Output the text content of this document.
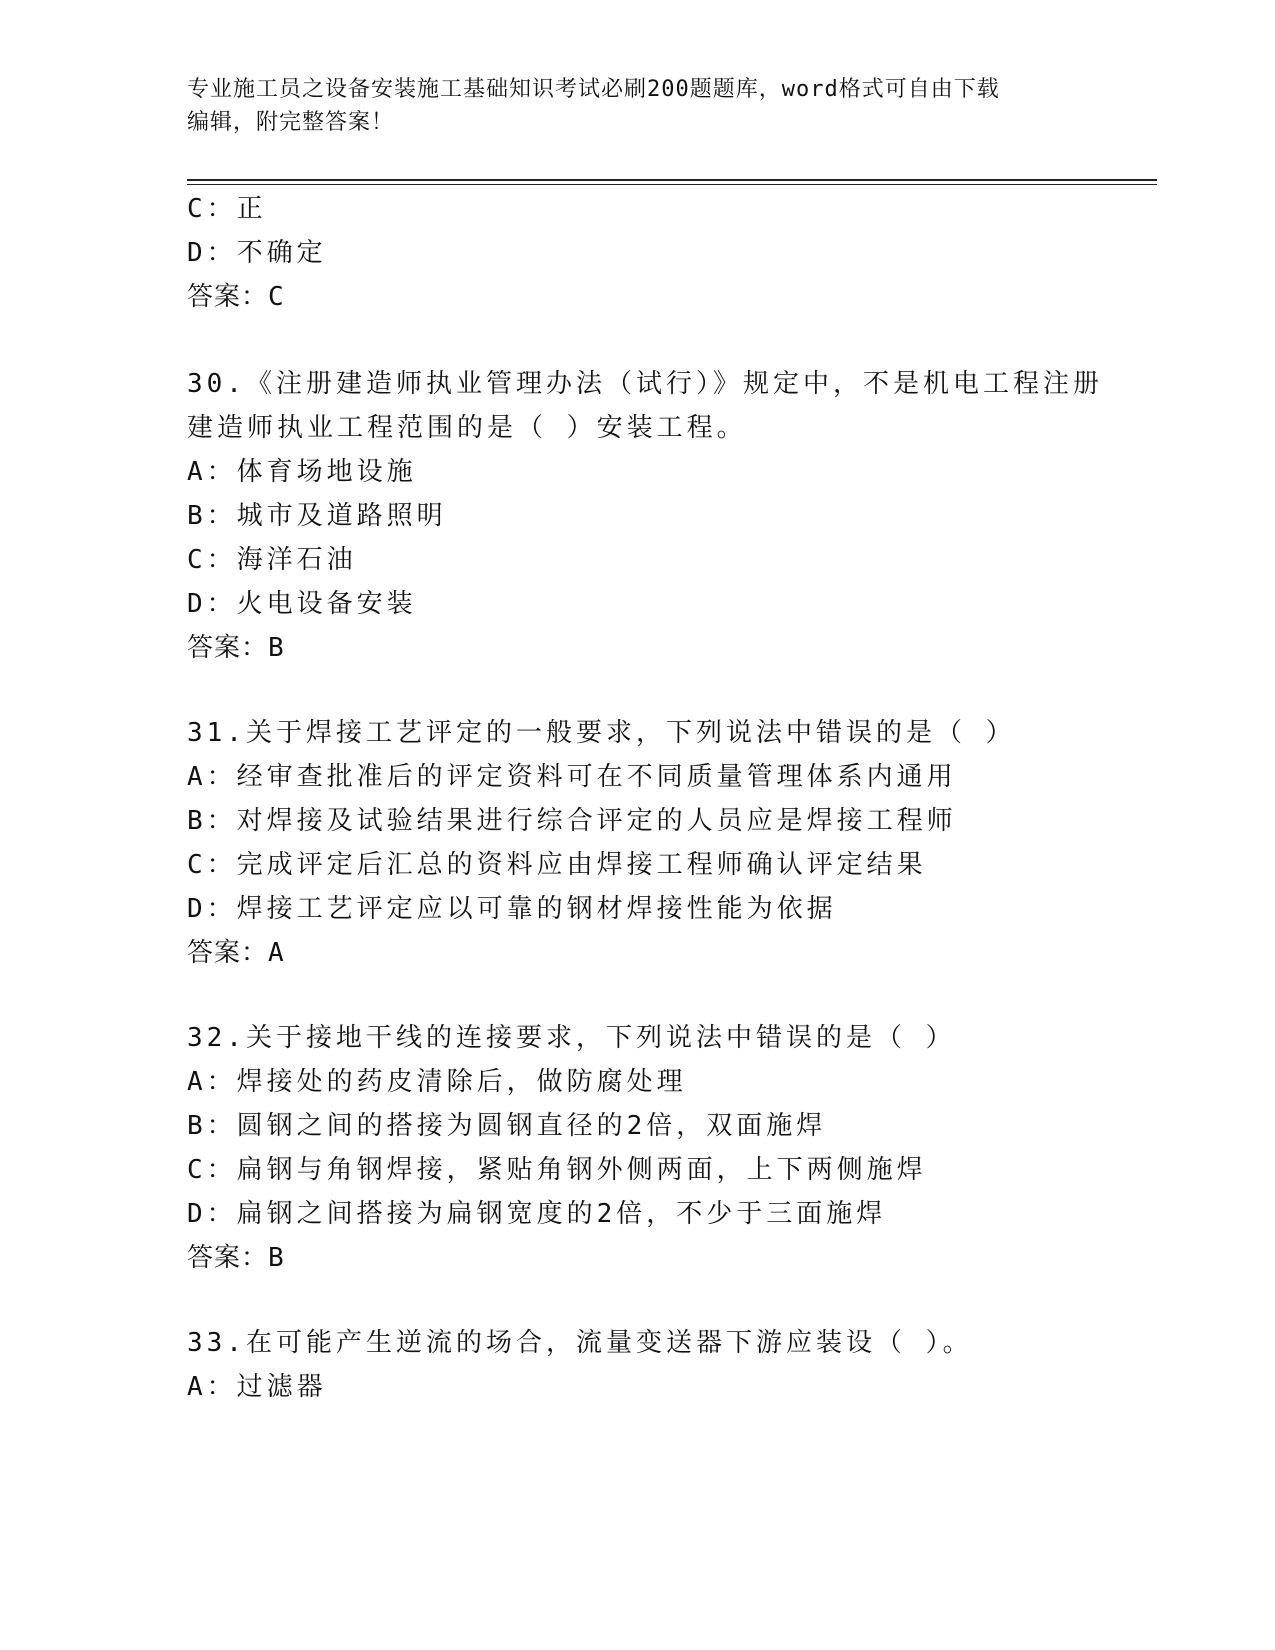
专业施工员之设备安装施工基础知识考试必刷200题题库，word格式可自由下载
编辑，附完整答案！
C：正
D：不确定
答案：C
30.《注册建造师执业管理办法（试行）》规定中，不是机电工程注册
建造师执业工程范围的是（ ）安装工程。
A：体育场地设施
B：城市及道路照明
C：海洋石油
D：火电设备安装
答案：B
31.关于焊接工艺评定的一般要求，下列说法中错误的是（ ）
A：经审查批准后的评定资料可在不同质量管理体系内通用
B：对焊接及试验结果进行综合评定的人员应是焊接工程师
C：完成评定后汇总的资料应由焊接工程师确认评定结果
D：焊接工艺评定应以可靠的钢材焊接性能为依据
答案：A
32.关于接地干线的连接要求，下列说法中错误的是（ ）
A：焊接处的药皮清除后，做防腐处理
B：圆钢之间的搭接为圆钢直径的2倍，双面施焊
C：扁钢与角钢焊接，紧贴角钢外侧两面，上下两侧施焊
D：扁钢之间搭接为扁钢宽度的2倍，不少于三面施焊
答案：B
33.在可能产生逆流的场合，流量变送器下游应装设（ ）。
A：过滤器
